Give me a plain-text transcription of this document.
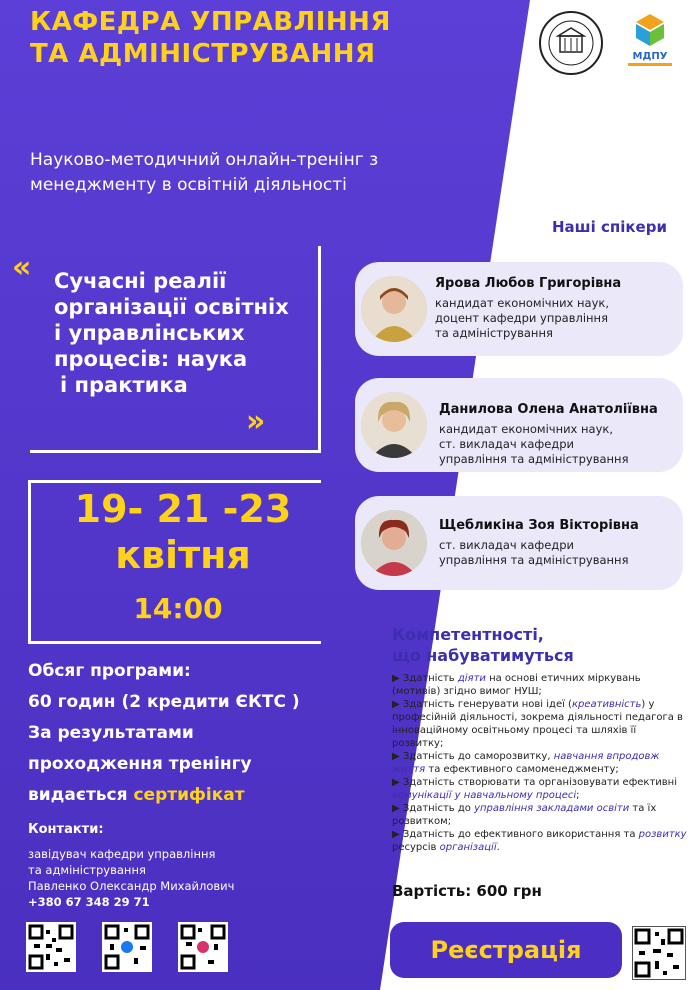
КАФЕДРА УПРАВЛІННЯ
ТА АДМІНІСТРУВАННЯ	МДПУ
Науково-методичний онлайн-тренінг з менеджменту в освітній діяльності
« Сучасні реалії
організації освітніх
і управлінських
процесів: наука
і практика
»
19- 21 -23
квітня
14:00
Обсяг програми:
60 годин (2 кредити ЄКТС )
За результатами
проходження тренінгу
видається сертифікат
Контакти:
завідувач кафедри управління
та адміністрування
Павленко Олександр Михайлович
+380 67 348 29 71
Наші спікери
Ярова Любов Григорівна
кандидат економічних наук,
доцент кафедри управління
та адміністрування
Данилова Олена Анатоліївна
кандидат економічних наук,
ст. викладач кафедри
управління та адміністрування
Щебликіна Зоя Вікторівна
ст. викладач кафедри
управління та адміністрування
Компетентності,
що набуватимуться
▶ Здатність діяти на основі етичних міркувань (мотивів) згідно вимог НУШ;
▶ Здатність генерувати нові ідеї (креативність) у професійній діяльності, зокрема діяльності педагога в інноваційному освітньому процесі та шляхів її розвитку;
▶ Здатність до саморозвитку, навчання впродовж життя та ефективного самоменеджменту;
▶ Здатність створювати та організовувати ефективні комунікації у навчальному процесі;
▶ Здатність до управління закладами освіти та їх розвитком;
▶ Здатність до ефективного використання та розвитку ресурсів організації.
Вартість: 600 грн
Реєстрація
